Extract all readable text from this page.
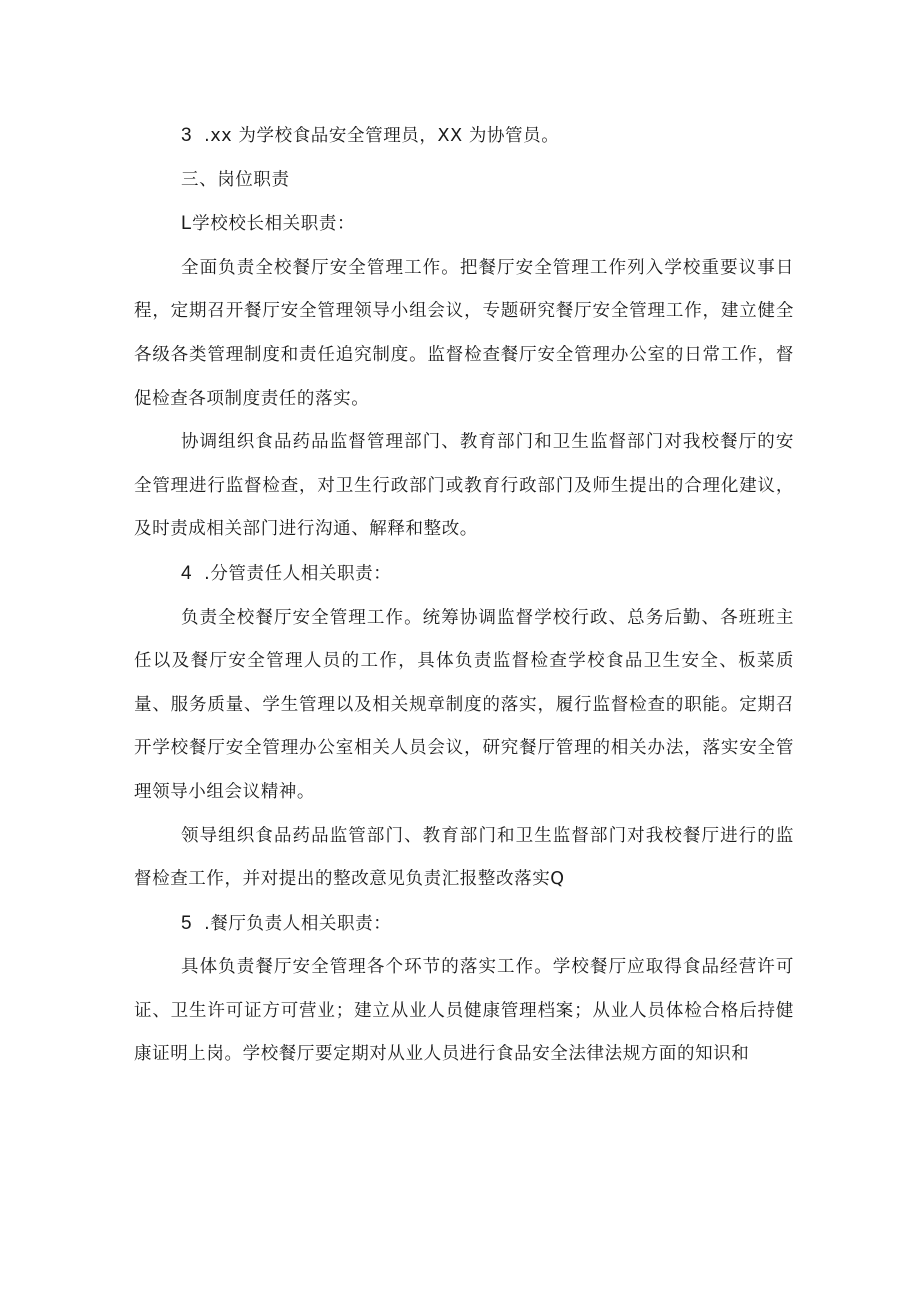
3 .xx 为学校食品安全管理员，XX 为协管员。

三、岗位职责

L学校校长相关职责：

全面负责全校餐厅安全管理工作。把餐厅安全管理工作列入学校重要议事日程，定期召开餐厅安全管理领导小组会议，专题研究餐厅安全管理工作，建立健全各级各类管理制度和责任追究制度。监督检查餐厅安全管理办公室的日常工作，督促检查各项制度责任的落实。

协调组织食品药品监督管理部门、教育部门和卫生监督部门对我校餐厅的安全管理进行监督检查，对卫生行政部门或教育行政部门及师生提出的合理化建议，及时责成相关部门进行沟通、解释和整改。

4 .分管责任人相关职责：

负责全校餐厅安全管理工作。统筹协调监督学校行政、总务后勤、各班班主任以及餐厅安全管理人员的工作，具体负责监督检查学校食品卫生安全、板菜质量、服务质量、学生管理以及相关规章制度的落实，履行监督检查的职能。定期召开学校餐厅安全管理办公室相关人员会议，研究餐厅管理的相关办法，落实安全管理领导小组会议精神。

领导组织食品药品监管部门、教育部门和卫生监督部门对我校餐厅进行的监督检查工作，并对提出的整改意见负责汇报整改落实Q

5 .餐厅负责人相关职责：

具体负责餐厅安全管理各个环节的落实工作。学校餐厅应取得食品经营许可证、卫生许可证方可营业；建立从业人员健康管理档案；从业人员体检合格后持健康证明上岗。学校餐厅要定期对从业人员进行食品安全法律法规方面的知识和
